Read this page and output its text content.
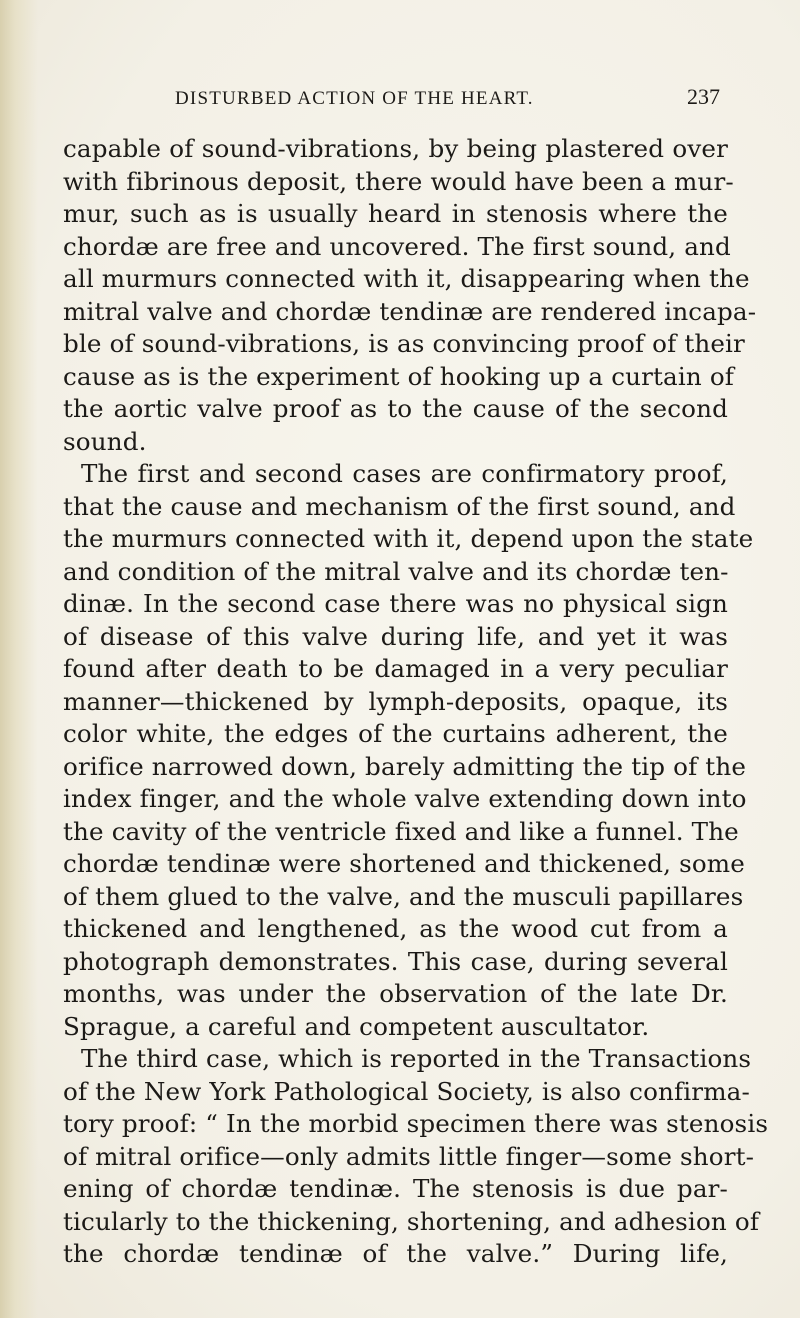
DISTURBED ACTION OF THE HEART.	237
capable of sound-vibrations, by being plastered over
with fibrinous deposit, there would have been a mur-
mur, such as is usually heard in stenosis where the
chordæ are free and uncovered. The first sound, and
all murmurs connected with it, disappearing when the
mitral valve and chordæ tendinæ are rendered incapa-
ble of sound-vibrations, is as convincing proof of their
cause as is the experiment of hooking up a curtain of
the aortic valve proof as to the cause of the second
sound.
The first and second cases are confirmatory proof,
that the cause and mechanism of the first sound, and
the murmurs connected with it, depend upon the state
and condition of the mitral valve and its chordæ ten-
dinæ. In the second case there was no physical sign
of disease of this valve during life, and yet it was
found after death to be damaged in a very peculiar
manner—thickened by lymph-deposits, opaque, its
color white, the edges of the curtains adherent, the
orifice narrowed down, barely admitting the tip of the
index finger, and the whole valve extending down into
the cavity of the ventricle fixed and like a funnel. The
chordæ tendinæ were shortened and thickened, some
of them glued to the valve, and the musculi papillares
thickened and lengthened, as the wood cut from a
photograph demonstrates. This case, during several
months, was under the observation of the late Dr.
Sprague, a careful and competent auscultator.
The third case, which is reported in the Transactions
of the New York Pathological Society, is also confirma-
tory proof: “ In the morbid specimen there was stenosis
of mitral orifice—only admits little finger—some short-
ening of chordæ tendinæ. The stenosis is due par-
ticularly to the thickening, shortening, and adhesion of
the chordæ tendinæ of the valve.” During life,
